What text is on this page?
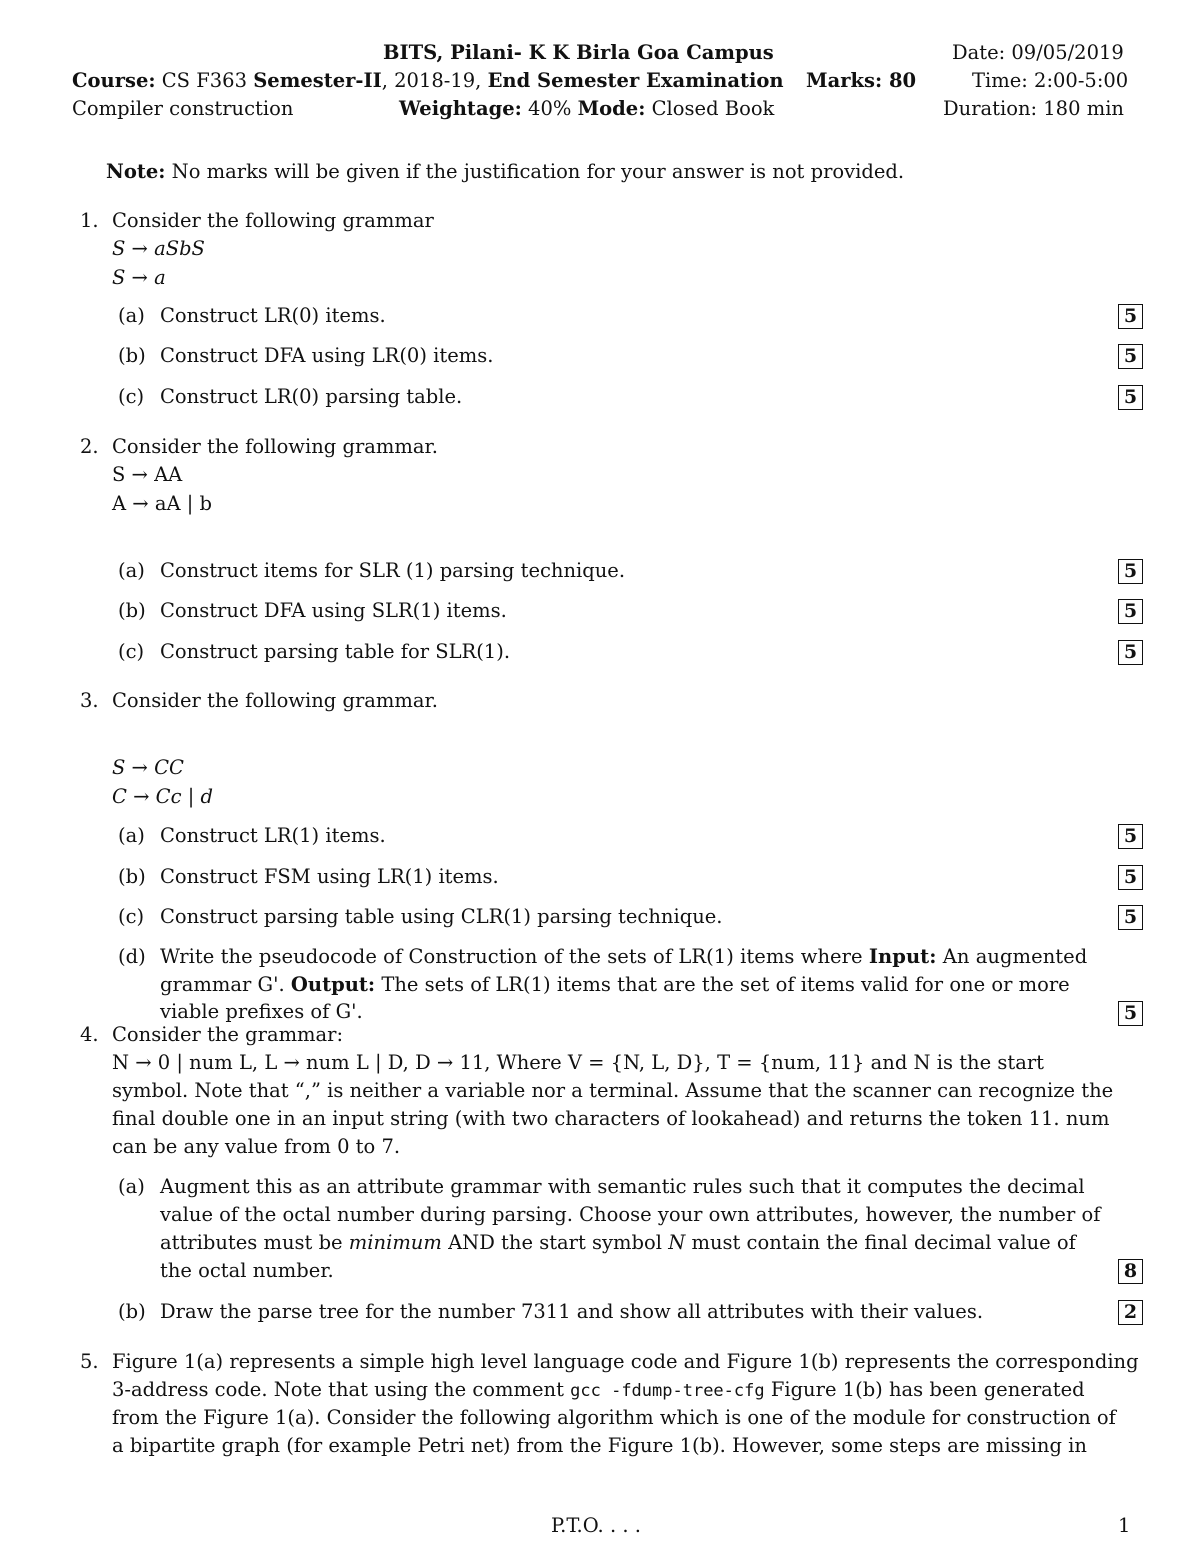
BITS, Pilani- K K Birla Goa Campus	Date: 09/05/2019
Course: CS F363 Semester-II, 2018-19, End Semester Examination Marks: 80	Time: 2:00-5:00
Compiler construction	Weightage: 40% Mode: Closed Book	Duration: 180 min
Note: No marks will be given if the justification for your answer is not provided.
1. Consider the following grammar
S → aSbS
S → a
(a) Construct LR(0) items.	5
(b) Construct DFA using LR(0) items.	5
(c) Construct LR(0) parsing table.	5
2. Consider the following grammar.
S → AA
A → aA | b
(a) Construct items for SLR (1) parsing technique.	5
(b) Construct DFA using SLR(1) items.	5
(c) Construct parsing table for SLR(1).	5
3. Consider the following grammar.
S → CC
C → Cc | d
(a) Construct LR(1) items.	5
(b) Construct FSM using LR(1) items.	5
(c) Construct parsing table using CLR(1) parsing technique.	5
(d) Write the pseudocode of Construction of the sets of LR(1) items where Input: An augmented
grammar G'. Output: The sets of LR(1) items that are the set of items valid for one or more
viable prefixes of G'.	5
4. Consider the grammar:
N → 0 | num L, L → num L | D, D → 11, Where V = {N, L, D}, T = {num, 11} and N is the start
symbol. Note that “,” is neither a variable nor a terminal. Assume that the scanner can recognize the
final double one in an input string (with two characters of lookahead) and returns the token 11. num
can be any value from 0 to 7.
(a) Augment this as an attribute grammar with semantic rules such that it computes the decimal
value of the octal number during parsing. Choose your own attributes, however, the number of
attributes must be minimum AND the start symbol N must contain the final decimal value of
the octal number.	8
(b) Draw the parse tree for the number 7311 and show all attributes with their values.	2
5. Figure 1(a) represents a simple high level language code and Figure 1(b) represents the corresponding
3-address code. Note that using the comment gcc -fdump-tree-cfg Figure 1(b) has been generated
from the Figure 1(a). Consider the following algorithm which is one of the module for construction of
a bipartite graph (for example Petri net) from the Figure 1(b). However, some steps are missing in
P.T.O. . . .	1
